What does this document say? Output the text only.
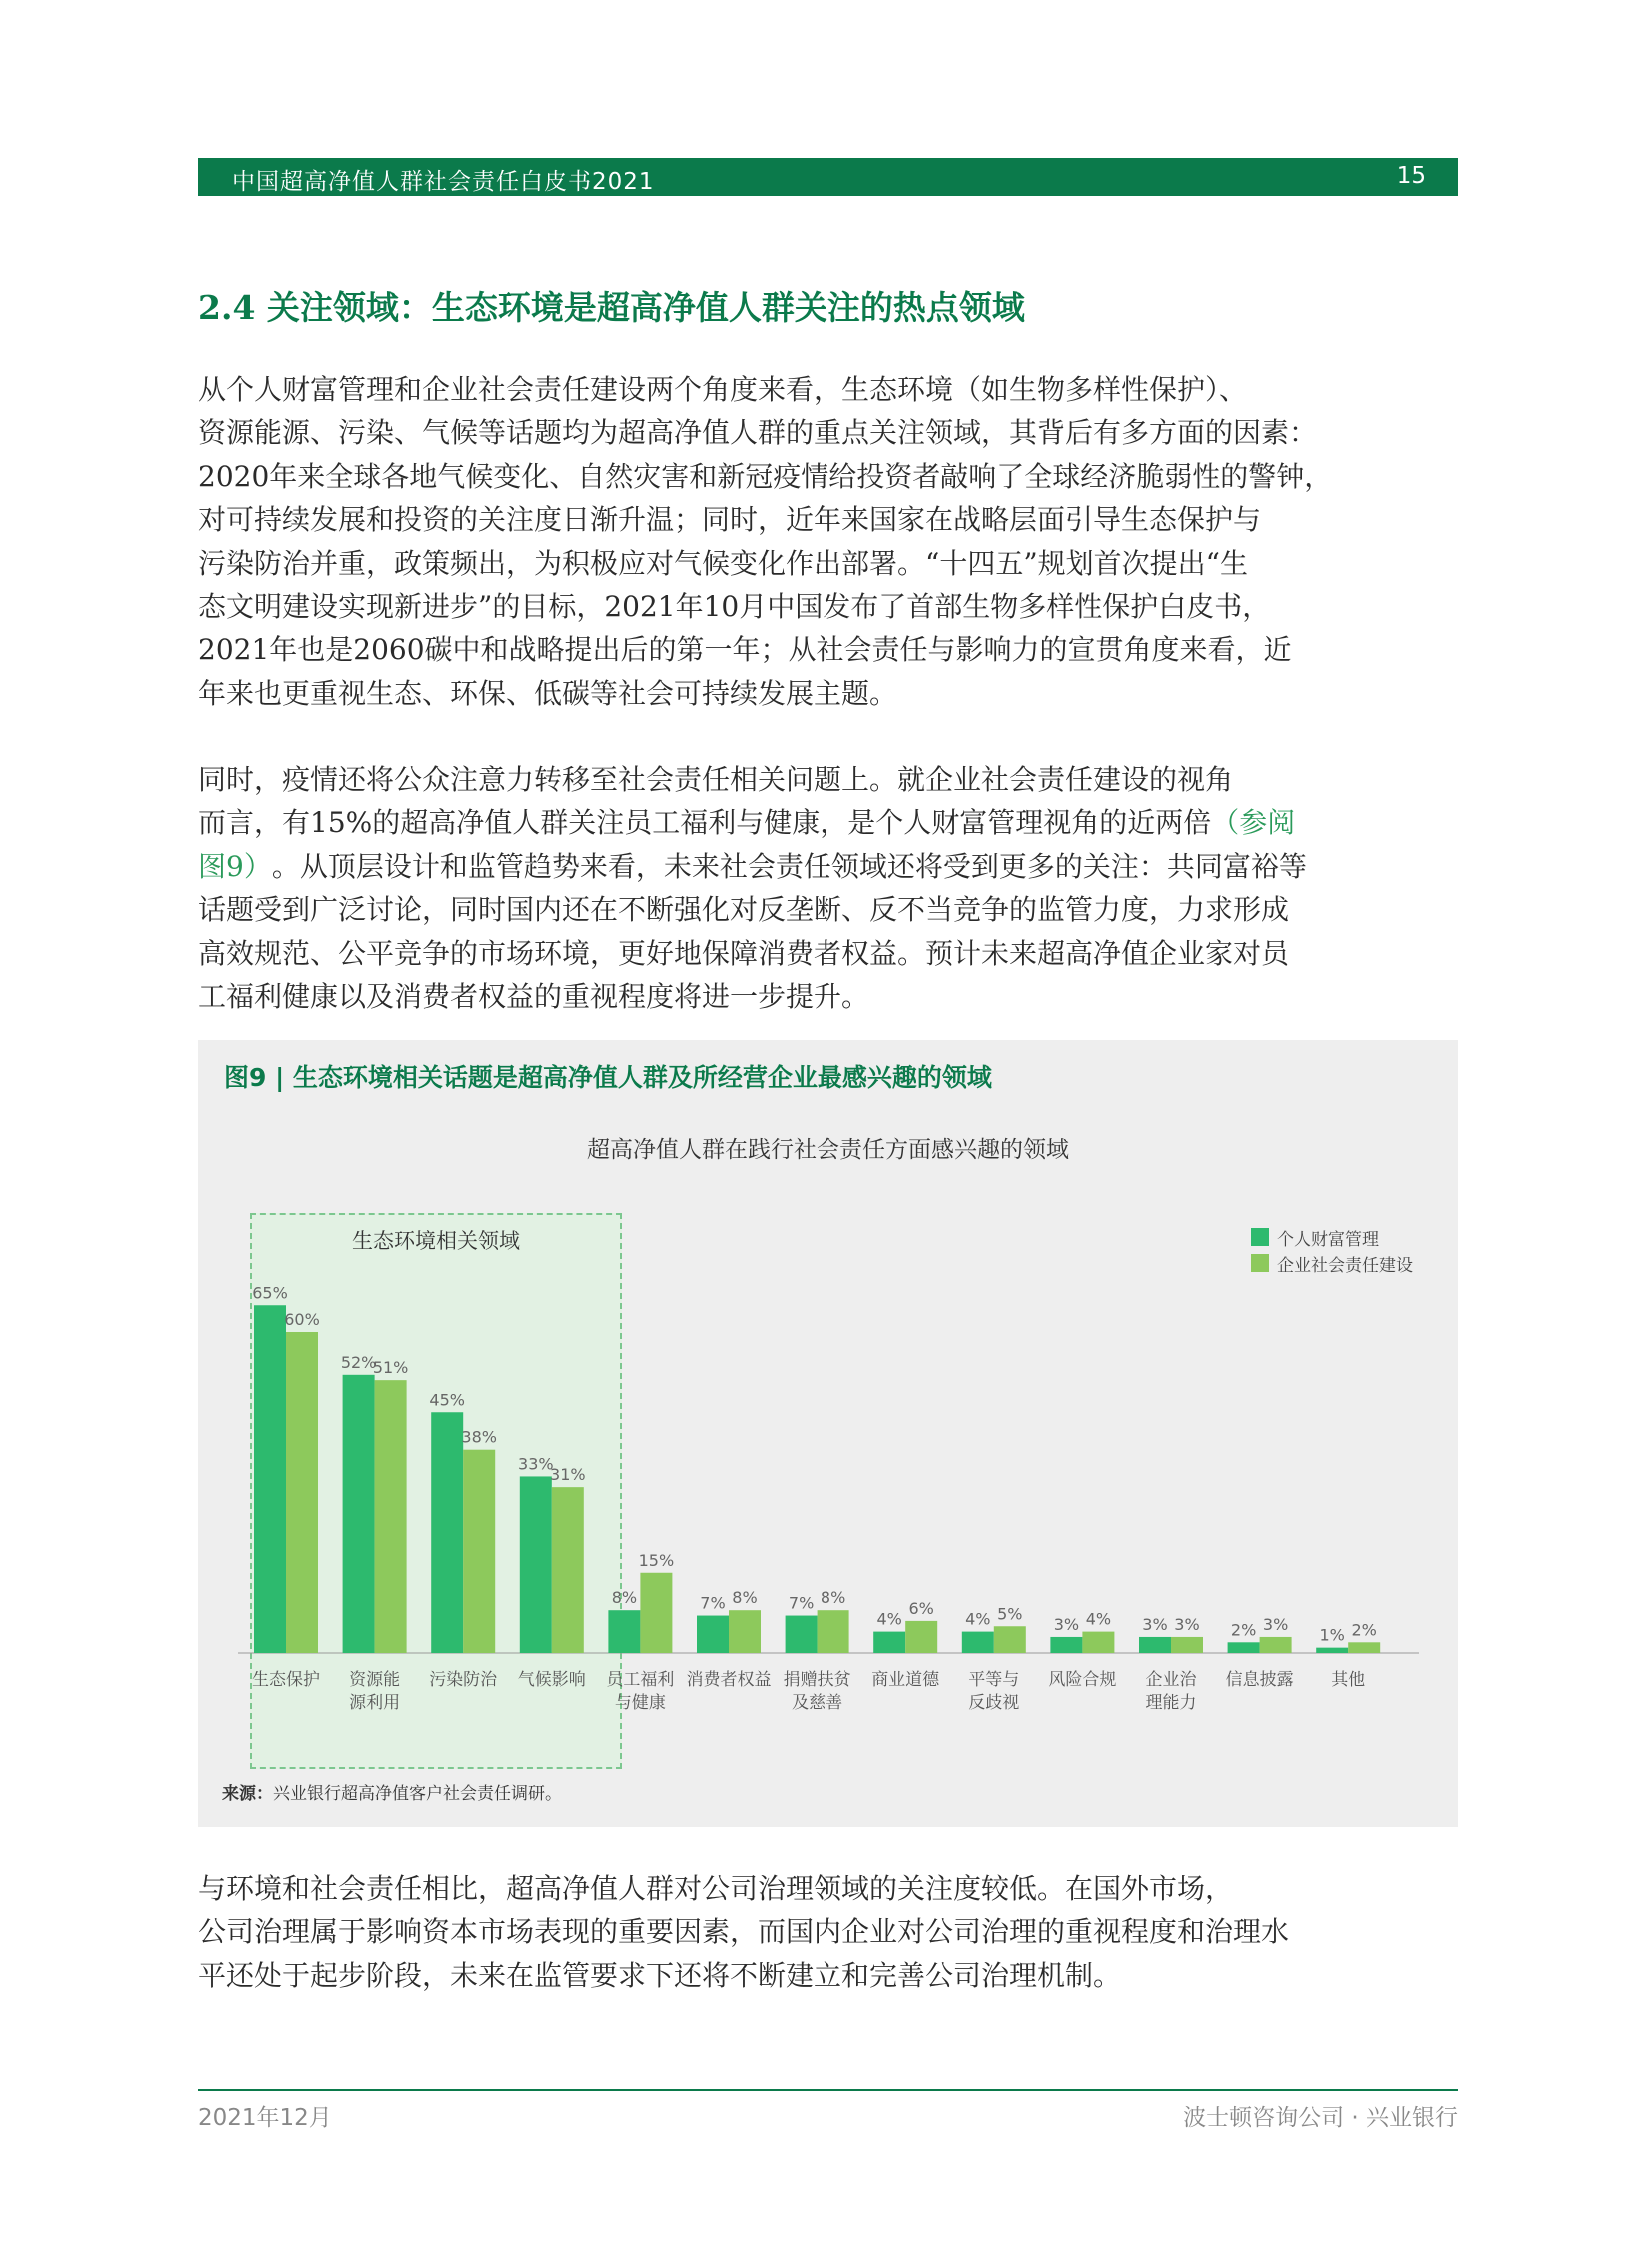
中国超高净值人群社会责任白皮书2021	15
2.4 关注领域：生态环境是超高净值人群关注的热点领域
从个人财富管理和企业社会责任建设两个角度来看，生态环境（如生物多样性保护）、
资源能源、污染、气候等话题均为超高净值人群的重点关注领域，其背后有多方面的因素：
2020年来全球各地气候变化、自然灾害和新冠疫情给投资者敲响了全球经济脆弱性的警钟，
对可持续发展和投资的关注度日渐升温；同时，近年来国家在战略层面引导生态保护与
污染防治并重，政策频出，为积极应对气候变化作出部署。“十四五”规划首次提出“生
态文明建设实现新进步”的目标，2021年10月中国发布了首部生物多样性保护白皮书，
2021年也是2060碳中和战略提出后的第一年；从社会责任与影响力的宣贯角度来看，近
年来也更重视生态、环保、低碳等社会可持续发展主题。
同时，疫情还将公众注意力转移至社会责任相关问题上。就企业社会责任建设的视角
而言，有15%的超高净值人群关注员工福利与健康，是个人财富管理视角的近两倍（参阅
图9）。从顶层设计和监管趋势来看，未来社会责任领域还将受到更多的关注：共同富裕等
话题受到广泛讨论，同时国内还在不断强化对反垄断、反不当竞争的监管力度，力求形成
高效规范、公平竞争的市场环境，更好地保障消费者权益。预计未来超高净值企业家对员
工福利健康以及消费者权益的重视程度将进一步提升。
图9 | 生态环境相关话题是超高净值人群及所经营企业最感兴趣的领域
超高净值人群在践行社会责任方面感兴趣的领域
生态环境相关领域
65%
60%
生态保护
52%
51%
资源能
源利用
45%
38%
污染防治
33%
31%
气候影响
8%
15%
员工福利
与健康
7% 8%
消费者权益
7% 8%
捐赠扶贫
及慈善
4%
6%
商业道德
4% 5%
平等与
反歧视
3% 4%
风险合规
3% 3%
企业治
理能力
2% 3%
信息披露
1% 2%
其他
个人财富管理
企业社会责任建设
来源：兴业银行超高净值客户社会责任调研。
与环境和社会责任相比，超高净值人群对公司治理领域的关注度较低。在国外市场，
公司治理属于影响资本市场表现的重要因素，而国内企业对公司治理的重视程度和治理水
平还处于起步阶段，未来在监管要求下还将不断建立和完善公司治理机制。
2021年12月	波士顿咨询公司 · 兴业银行
